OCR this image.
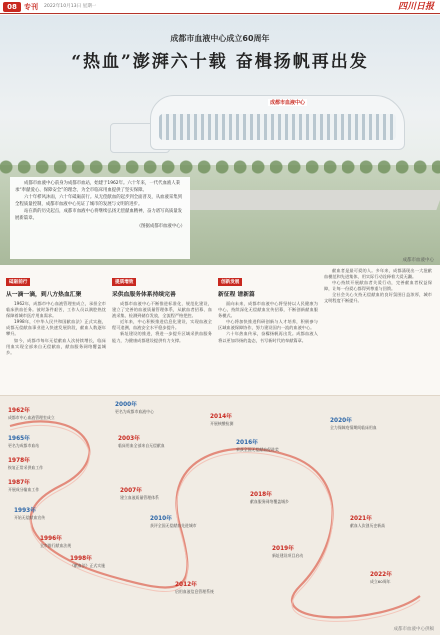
08	专刊 2022年10月13日 星期一	四川日报
成都市血液中心成立60周年
“热血”澎湃六十载 奋楫扬帆再出发
成都市血液中心

成都市血液中心前身为成都市血站，始建于1962年。六十年来，一代代血液人秉承“奉献爱心、保障安全”的理念，为全市临床用血提供了坚实保障。

六十年栉风沐雨，六十年砥砺前行。从无偿献血的起步到全面普及，从血液采集到全程质量控制，成都市血液中心见证了城市的发展与文明的进步。

站在新的历史起点，成都市血液中心将继续弘扬无偿献血精神，奋力谱写高质量发展新篇章。

（图据成都市血液中心）

成都市血液中心
砥砺前行
从一滴一滴，到八方热血汇聚

1962年，成都市中心血液管理室成立，承担全市临床供血任务。彼时条件艰苦，工作人员以满腔热忱保障着城市医疗用血需求。

1998年，《中华人民共和国献血法》正式实施，成都无偿献血事业进入快速发展阶段，献血人数逐年攀升。

如今，成都市每年无偿献血人次持续增长，临床用血实现全部来自无偿献血，献血服务网络覆盖城乡。

提质增效
采供血服务体系持续完善

成都市血液中心不断推进标准化、规范化建设，建立了完善的血液质量管理体系，从献血者招募、血液采集、检测到储存发放，全流程严格把控。

近年来，中心积极推进信息化建设，实现血液全程可追溯，血液安全水平稳步提升。

新址建设的推进，将进一步提升区域采供血服务能力，为健康成都建设提供有力支撑。

创新发展
新征程 谱新篇

面向未来，成都市血液中心将坚持以人民健康为中心，持续深化无偿献血宣传招募，不断创新献血服务模式。

中心将加快推进科研创新与人才培养，积极参与区域血液保障协作，努力建设国内一流的血液中心。

六十年热血传承，奋楫扬帆再出发。成都血液人将以更加昂扬的姿态，书写新时代的奉献篇章。

献血者是最可爱的人。多年来，成都涌现出一大批献血模范和先进集体，用实际行动诠释着大爱无疆。

中心持续开展献血者关爱行动，完善献血者权益保障，让每一份爱心都得到尊重与回馈。

全社会关心支持无偿献血的良好氛围日益浓厚，城市文明程度不断提升。

1962年
成都市中心血液管理室成立
1965年
更名为成都市血站
1978年
恢复正常采供血工作
1987年
开展成分输血工作
1993年
开始无偿献血宣传
1996年
全市推行献血法规
1998年
《献血法》正式实施
2000年
更名为成都市血液中心
2003年
临床用血全部来自无偿献血
2007年
建立血液质量管理体系
2010年
获评全国无偿献血先进城市
2012年
启用血液信息管理系统
2014年
开展核酸检测
2016年
荣获全国无偿献血促进奖
2018年
献血服务网络覆盖城乡
2019年
新址建设项目启动
2020年
全力保障疫情期间临床用血
2021年
献血人次创历史新高
2022年
成立60周年
成都市血液中心供稿
